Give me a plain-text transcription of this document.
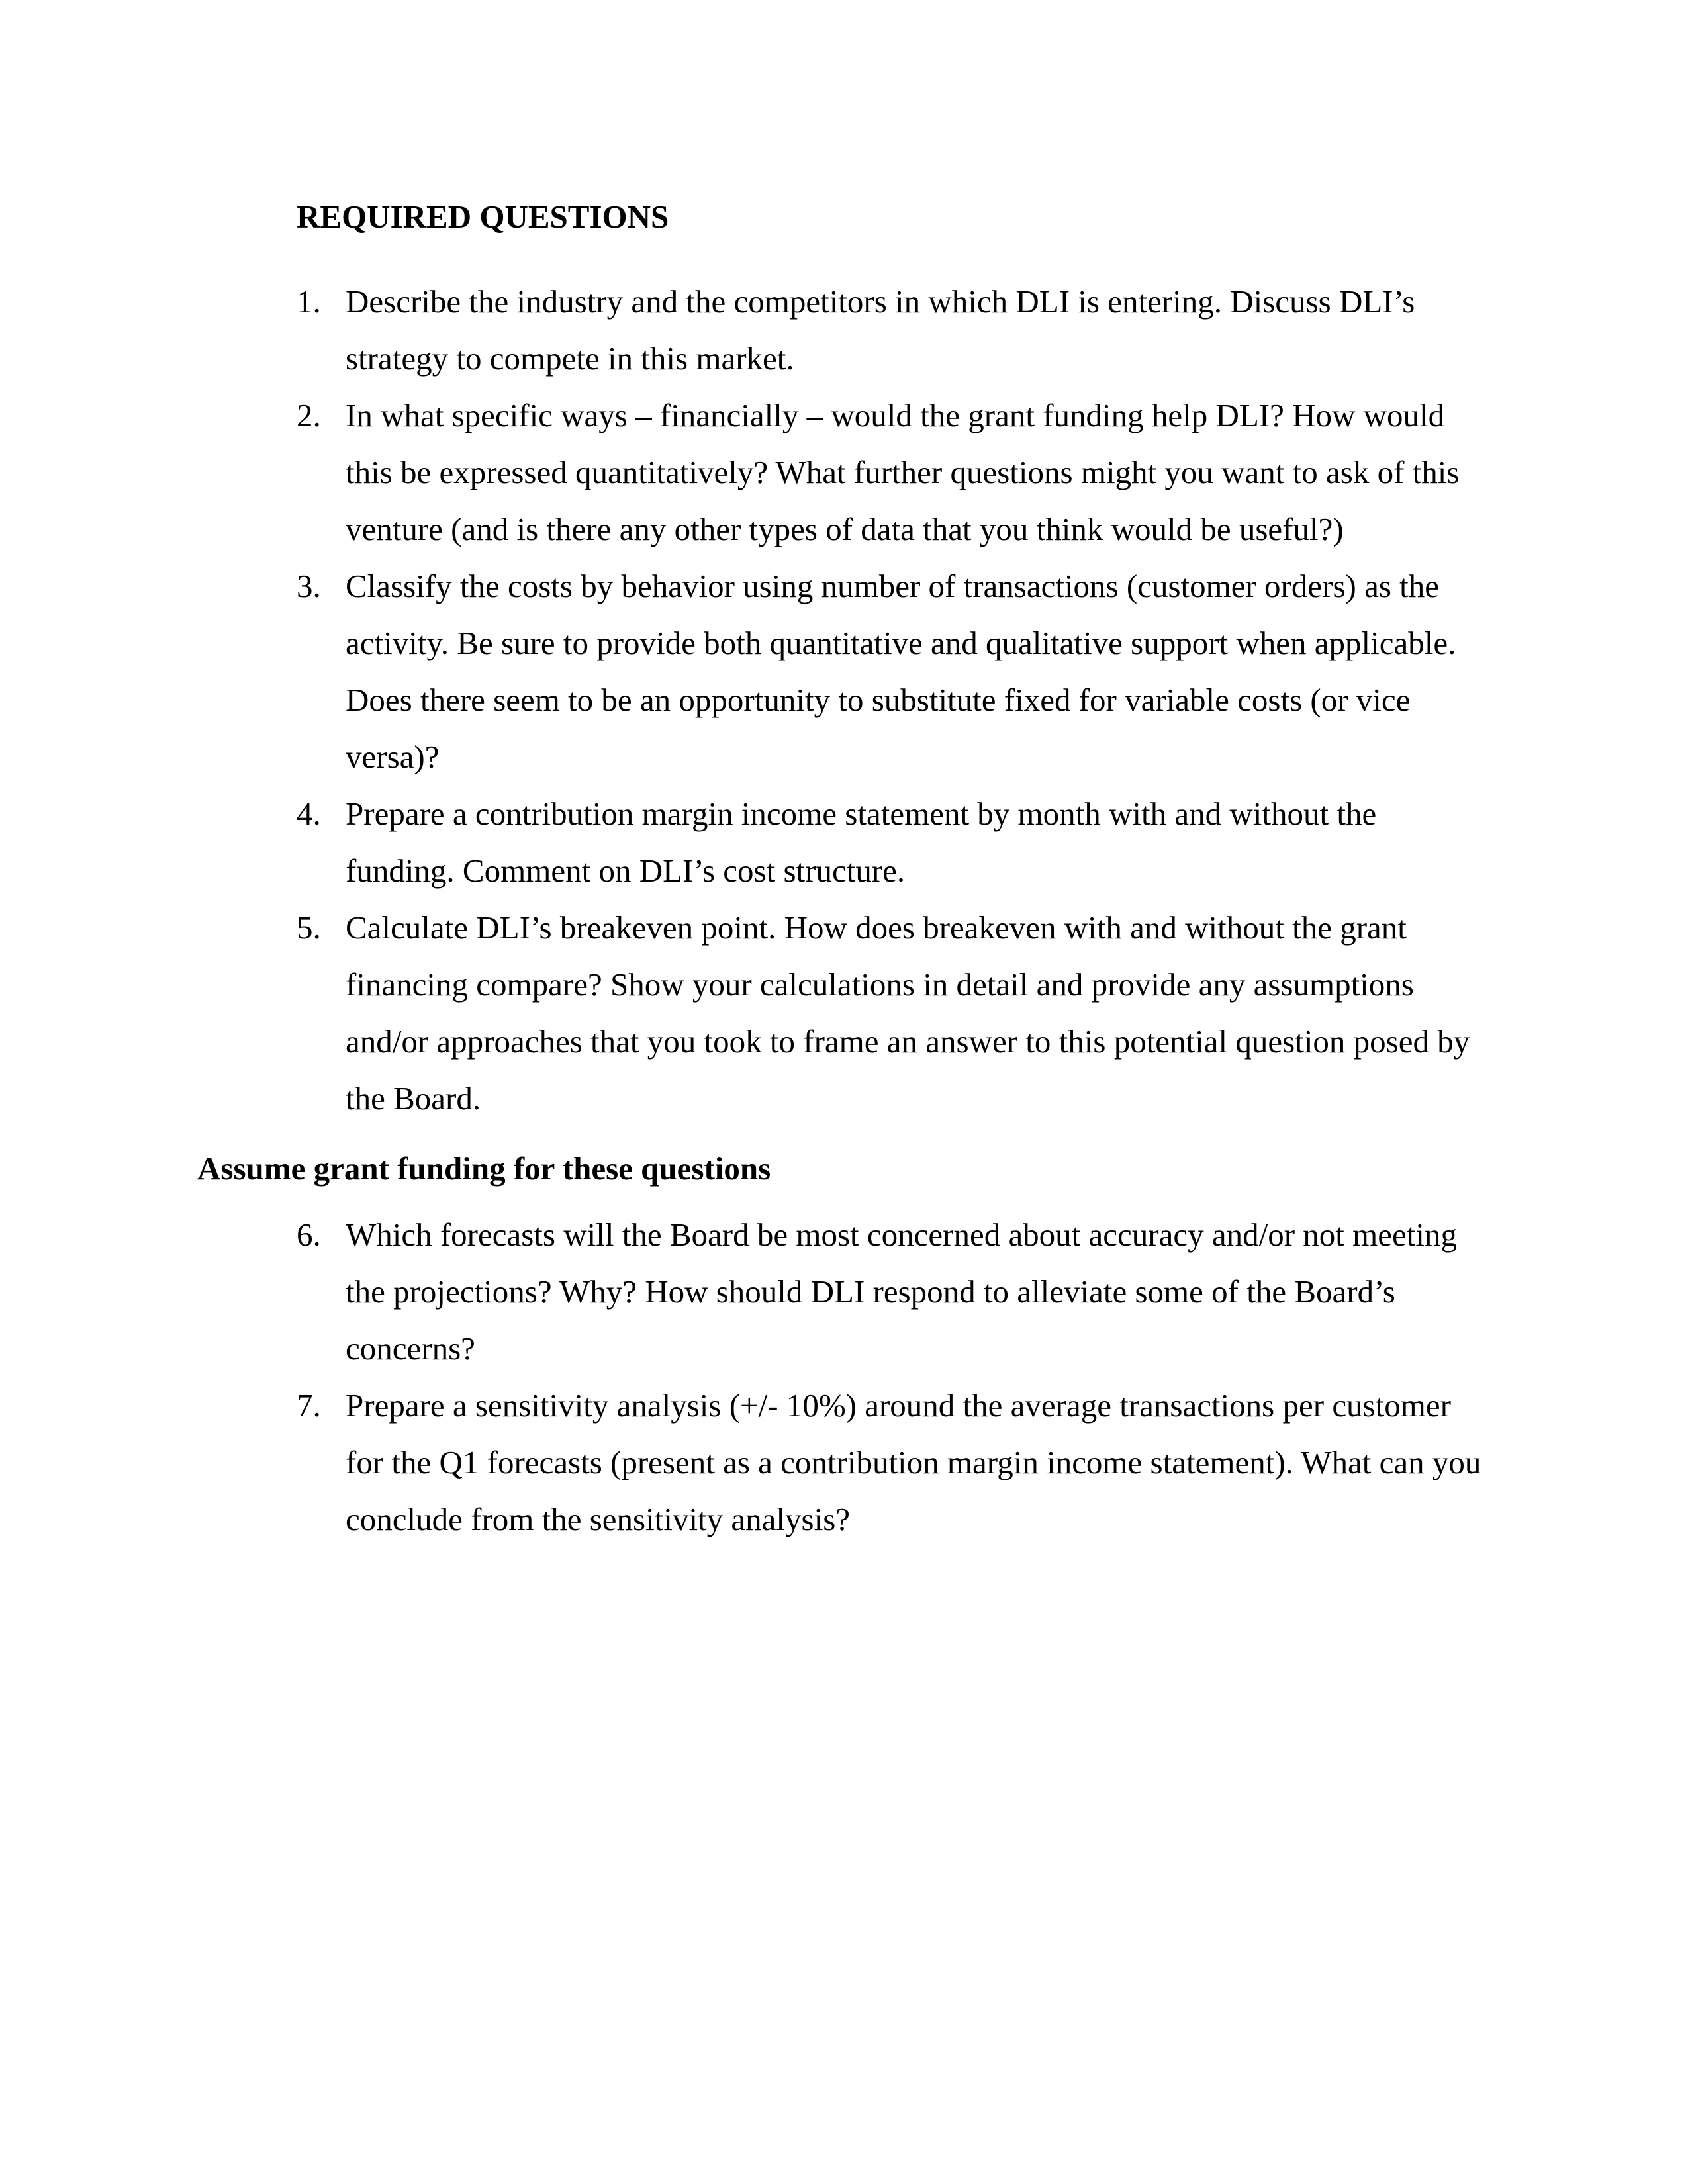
REQUIRED QUESTIONS
1. Describe the industry and the competitors in which DLI is entering. Discuss DLI’s strategy to compete in this market.
2. In what specific ways – financially – would the grant funding help DLI? How would this be expressed quantitatively? What further questions might you want to ask of this venture (and is there any other types of data that you think would be useful?)
3. Classify the costs by behavior using number of transactions (customer orders) as the activity. Be sure to provide both quantitative and qualitative support when applicable. Does there seem to be an opportunity to substitute fixed for variable costs (or vice versa)?
4. Prepare a contribution margin income statement by month with and without the funding. Comment on DLI’s cost structure.
5. Calculate DLI’s breakeven point. How does breakeven with and without the grant financing compare? Show your calculations in detail and provide any assumptions and/or approaches that you took to frame an answer to this potential question posed by the Board.
Assume grant funding for these questions
6. Which forecasts will the Board be most concerned about accuracy and/or not meeting the projections? Why? How should DLI respond to alleviate some of the Board’s concerns?
7. Prepare a sensitivity analysis (+/- 10%) around the average transactions per customer for the Q1 forecasts (present as a contribution margin income statement). What can you conclude from the sensitivity analysis?
